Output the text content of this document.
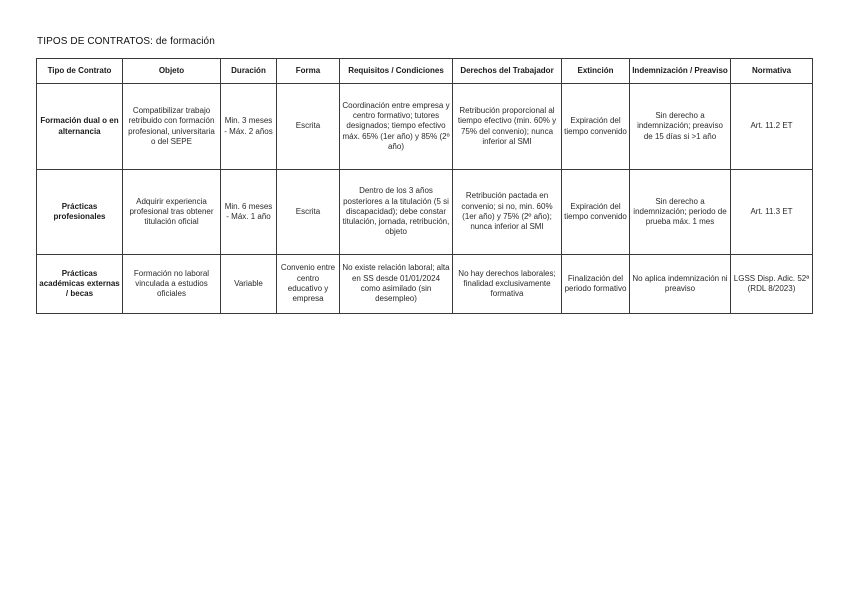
TIPOS DE CONTRATOS: de formación
Tipo de Contrato	Objeto	Duración	Forma	Requisitos / Condiciones	Derechos del Trabajador	Extinción	Indemnización / Preaviso	Normativa
Formación dual o en alternancia	Compatibilizar trabajo retribuido con formación profesional, universitaria o del SEPE	Min. 3 meses - Máx. 2 años	Escrita	Coordinación entre empresa y centro formativo; tutores designados; tiempo efectivo máx. 65% (1er año) y 85% (2º año)	Retribución proporcional al tiempo efectivo (min. 60% y 75% del convenio); nunca inferior al SMI	Expiración del tiempo convenido	Sin derecho a indemnización; preaviso de 15 días si >1 año	Art. 11.2 ET
Prácticas profesionales	Adquirir experiencia profesional tras obtener titulación oficial	Min. 6 meses - Máx. 1 año	Escrita	Dentro de los 3 años posteriores a la titulación (5 si discapacidad); debe constar titulación, jornada, retribución, objeto	Retribución pactada en convenio; si no, min. 60% (1er año) y 75% (2º año); nunca inferior al SMI	Expiración del tiempo convenido	Sin derecho a indemnización; periodo de prueba máx. 1 mes	Art. 11.3 ET
Prácticas académicas externas / becas	Formación no laboral vinculada a estudios oficiales	Variable	Convenio entre centro educativo y empresa	No existe relación laboral; alta en SS desde 01/01/2024 como asimilado (sin desempleo)	No hay derechos laborales; finalidad exclusivamente formativa	Finalización del periodo formativo	No aplica indemnización ni preaviso	LGSS Disp. Adic. 52ª (RDL 8/2023)
